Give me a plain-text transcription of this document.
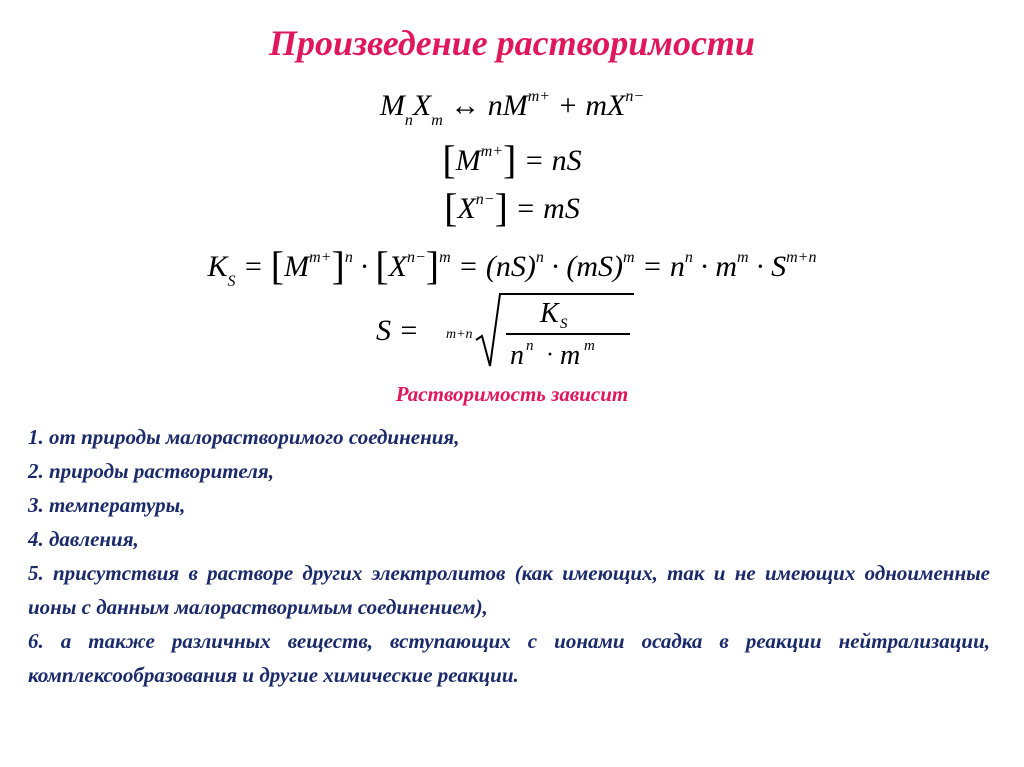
Произведение растворимости
$M_nX_m$ ↔ $nM^{m+} + mX^{n-}$
$[M^{m+}]$ = nS
$[X^{n-}]$ = mS
$K_S = [M^{m+}]^n \cdot [X^{n-}]^m = (nS)^n \cdot (mS)^m = n^n \cdot m^m \cdot S^{m+n}$
S = m+n
K S
n n · m m
Растворимость зависит
1. от природы малорастворимого соединения,
2. природы растворителя,
3. температуры,
4. давления,
5. присутствия в растворе других электролитов (как имеющих, так и не имеющих одноименные ионы с данным малорастворимым соединением),
6. а также различных веществ, вступающих с ионами осадка в реакции нейтрализации, комплексообразования и другие химические реакции.
